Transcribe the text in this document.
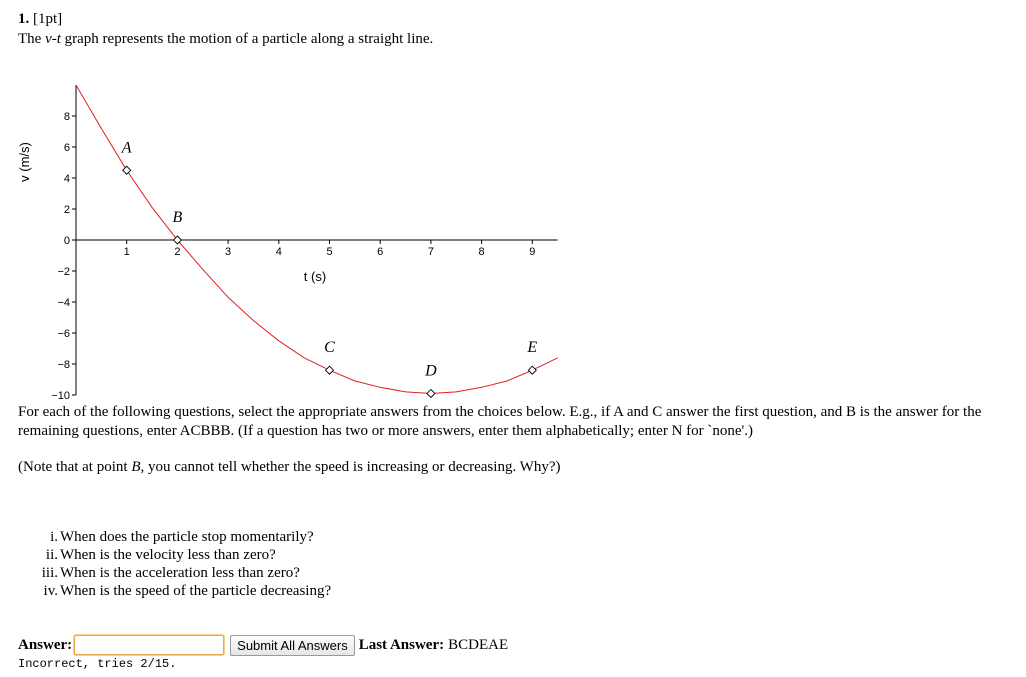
1. [1pt]
The v-t graph represents the motion of a particle along a straight line.
8
6
4
2
0
−2
−4
−6
−8
−10
1	2	3	4	5	6	7	8	9
A
B
C
D
E
t (s)
v (m/s)
For each of the following questions, select the appropriate answers from the choices below. E.g., if A and C answer the first question, and B is the answer for the remaining questions, enter ACBBB. (If a question has two or more answers, enter them alphabetically; enter N for `none'.)
(Note that at point B, you cannot tell whether the speed is increasing or decreasing. Why?)
i. When does the particle stop momentarily?
ii. When is the velocity less than zero?
iii. When is the acceleration less than zero?
iv. When is the speed of the particle decreasing?
Answer:	Submit All Answers Last Answer: BCDEAE
Incorrect, tries 2/15.
